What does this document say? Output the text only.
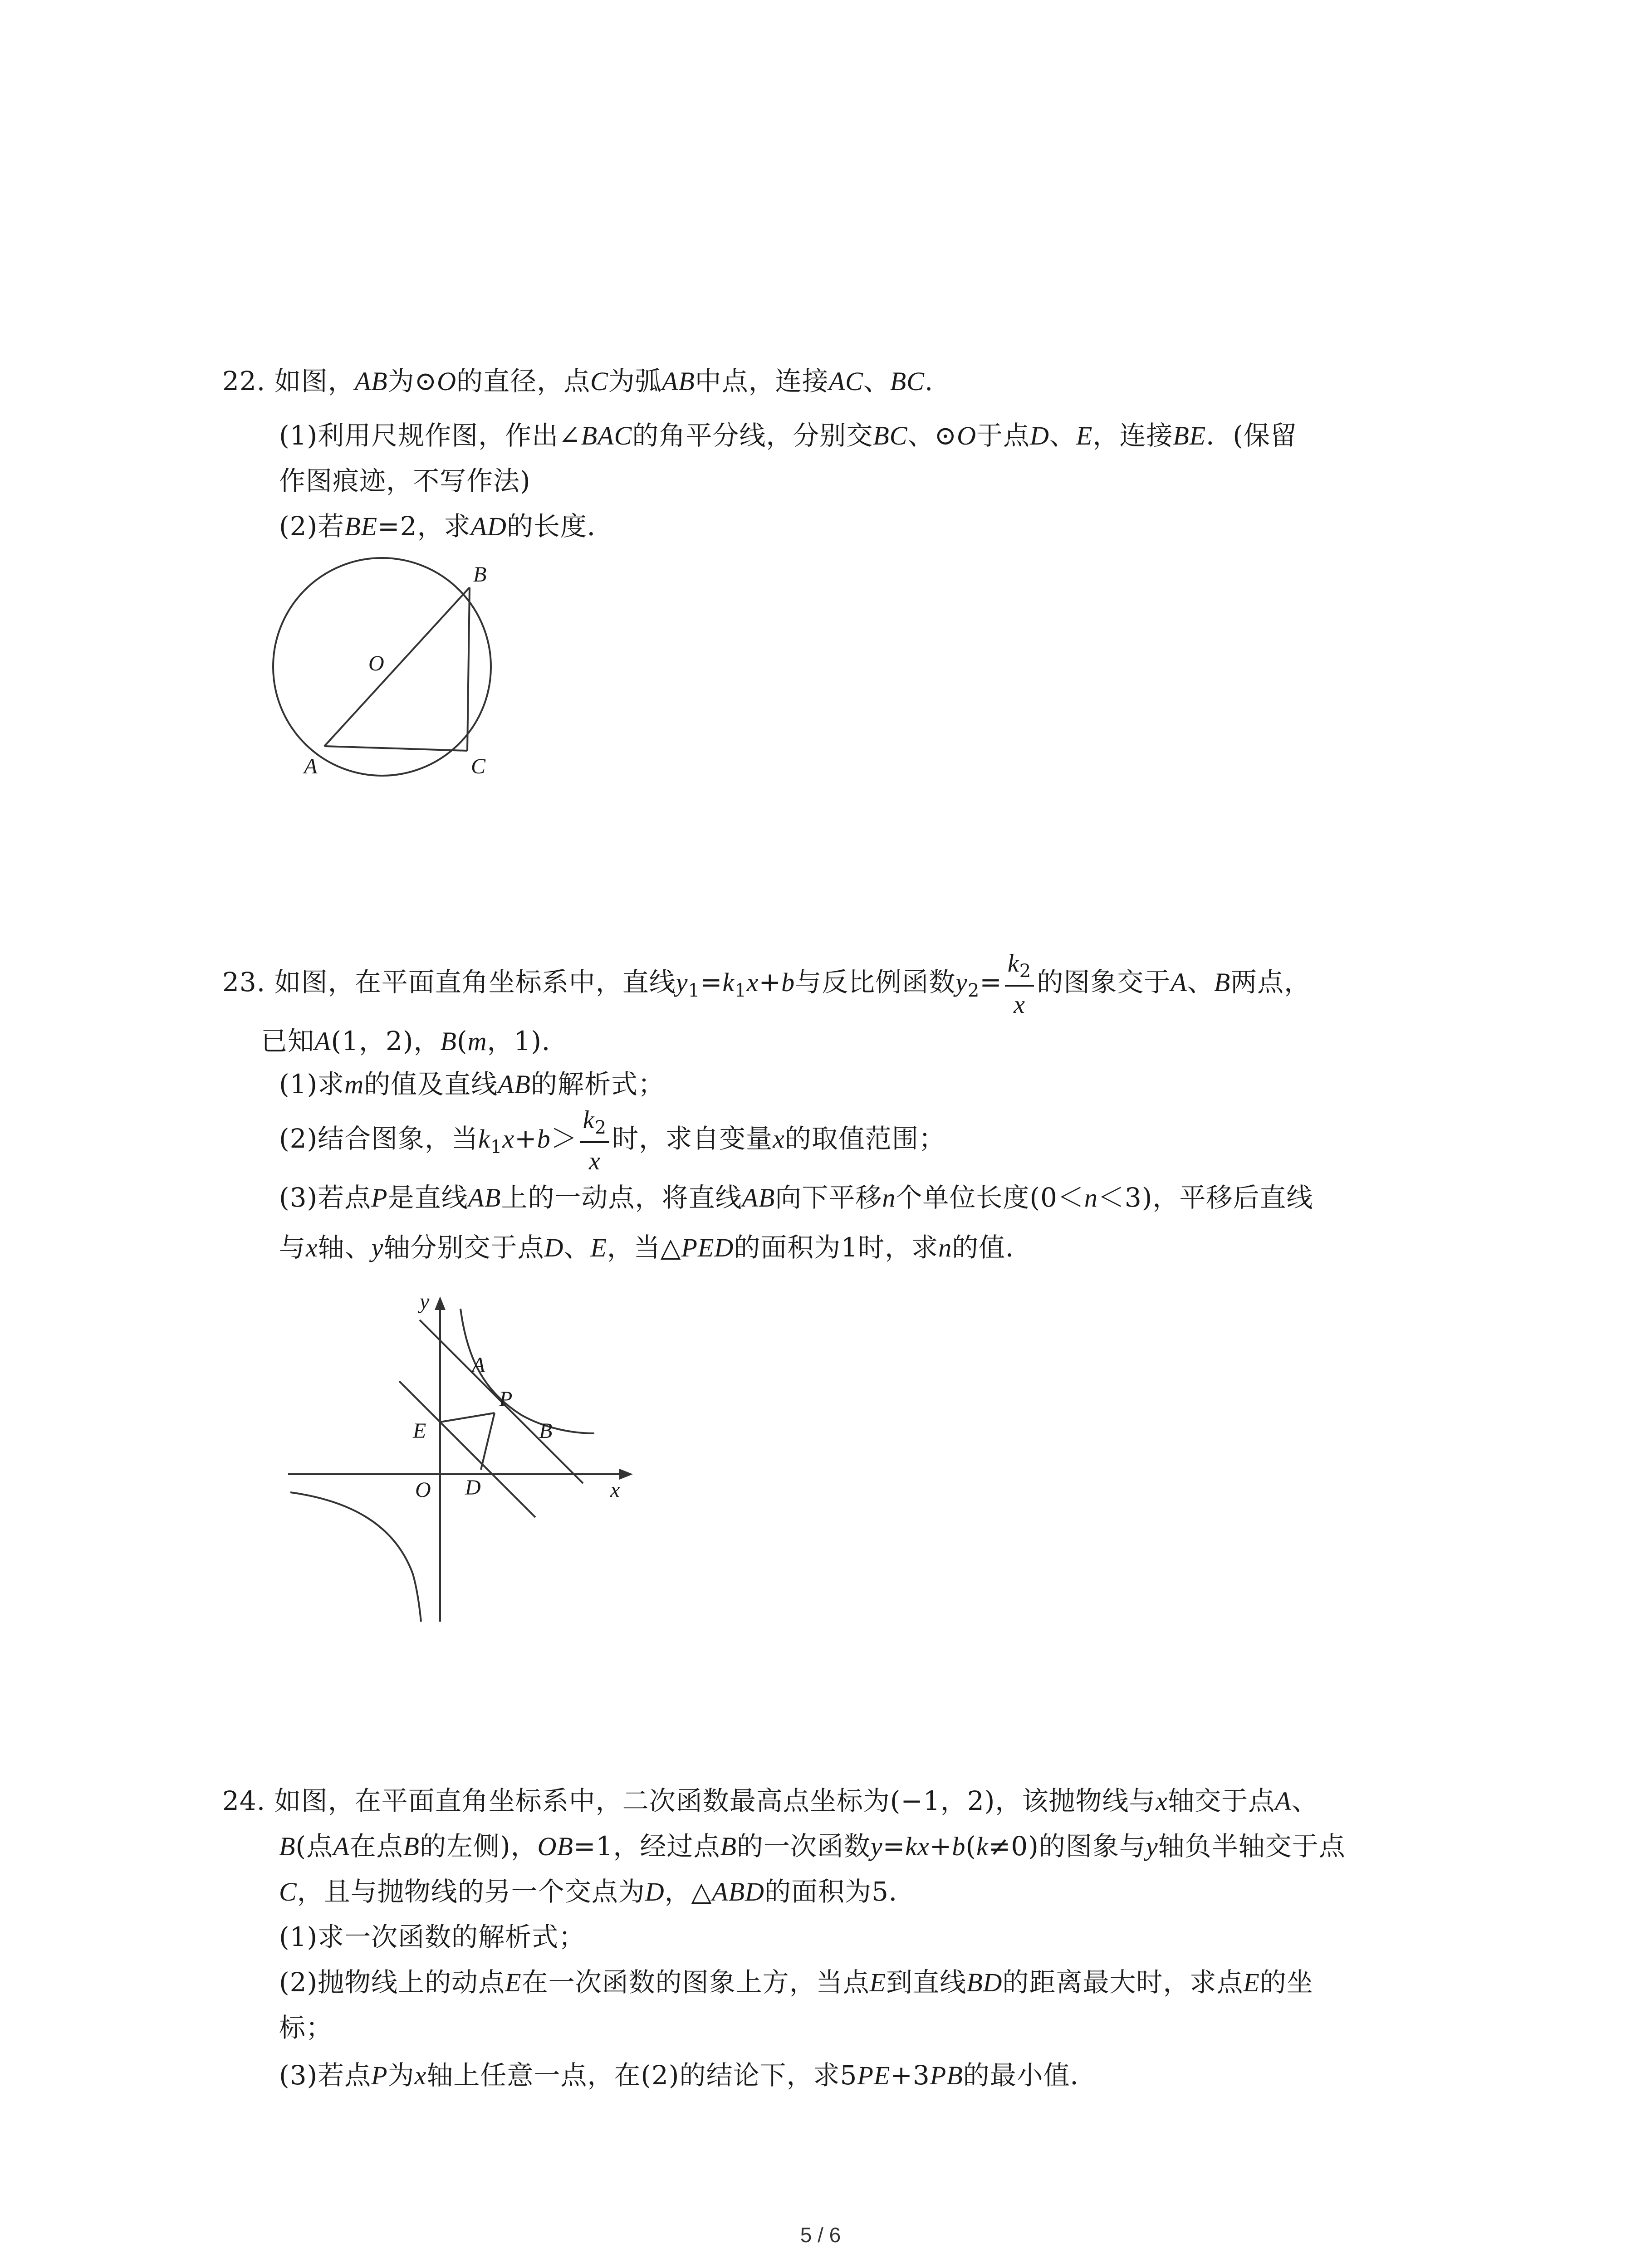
22. 如图，AB为⊙O的直径，点C为弧AB中点，连接AC、BC.
(1)利用尺规作图，作出∠BAC的角平分线，分别交BC、⊙O于点D、E，连接BE．(保留
作图痕迹，不写作法)
(2)若BE=2，求AD的长度．
B
O
A	C
23. 如图，在平面直角坐标系中，直线$y_1=k_1x+b$与反比例函数$y_2= \frac{k_2}{x}$ 的图象交于A、B两点，
已知A(1，2)，B(m，1)．
(1)求m的值及直线AB的解析式；
(2)结合图象，当$k_1x+b> \frac{k_2}{x}$ 时，求自变量x的取值范围；
(3)若点P是直线AB上的一动点，将直线AB向下平移n个单位长度(0＜n＜3)，平移后直线
与x轴、y轴分别交于点D、E，当△PED的面积为1时，求n的值．
y
x
A
P
E	B
O D
24. 如图，在平面直角坐标系中，二次函数最高点坐标为(−1，2)，该抛物线与x轴交于点A、
B(点A在点B的左侧)，OB=1，经过点B的一次函数y=kx+b(k≠0)的图象与y轴负半轴交于点
C，且与抛物线的另一个交点为D，△ABD的面积为5．
(1)求一次函数的解析式；
(2)抛物线上的动点E在一次函数的图象上方，当点E到直线BD的距离最大时，求点E的坐
标；
(3)若点P为x轴上任意一点，在(2)的结论下，求5PE+3PB的最小值．
5 / 6
